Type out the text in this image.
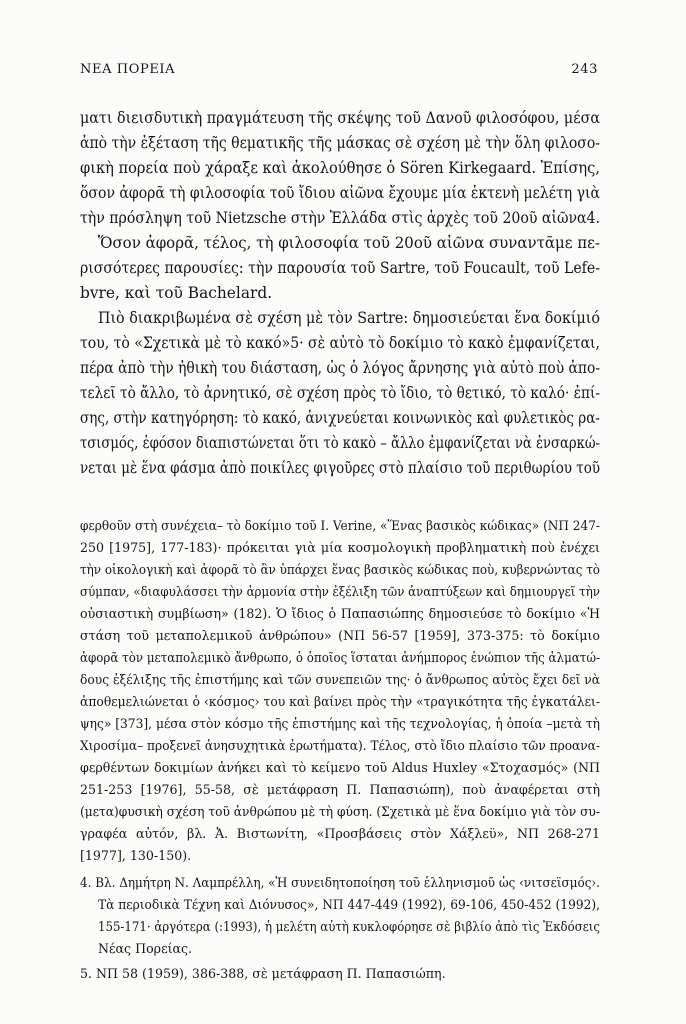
ΝΕΑ ΠΟΡΕΙΑ	243

ματι διεισδυτικὴ πραγμάτευση τῆς σκέψης τοῦ Δανοῦ φιλοσόφου, μέσα

ἀπὸ τὴν ἐξέταση τῆς θεματικῆς τῆς μάσκας σὲ σχέση μὲ τὴν ὅλη φιλοσο-

φικὴ πορεία ποὺ χάραξε καὶ ἀκολούθησε ὁ Sören Kirkegaard. Ἐπίσης,

ὅσον ἀφορᾶ τὴ φιλοσοφία τοῦ ἴδιου αἰῶνα ἔχουμε μία ἐκτενὴ μελέτη γιὰ

τὴν πρόσληψη τοῦ Nietzsche στὴν Ἑλλάδα στὶς ἀρχὲς τοῦ 20οῦ αἰῶνα4.

Ὅσον ἀφορᾶ, τέλος, τὴ φιλοσοφία τοῦ 20οῦ αἰῶνα συναντᾶμε πε-

ρισσότερες παρουσίες: τὴν παρουσία τοῦ Sartre, τοῦ Foucault, τοῦ Lefe-

bvre, καὶ τοῦ Bachelard.

Πιὸ διακριβωμένα σὲ σχέση μὲ τὸν Sartre: δημοσιεύεται ἕνα δοκίμιό

του, τὸ «Σχετικὰ μὲ τὸ κακό»5· σὲ αὐτὸ τὸ δοκίμιο τὸ κακὸ ἐμφανίζεται,

πέρα ἀπὸ τὴν ἠθικὴ του διάσταση, ὡς ὁ λόγος ἄρνησης γιὰ αὐτὸ ποὺ ἀπο-

τελεῖ τὸ ἄλλο, τὸ ἀρνητικό, σὲ σχέση πρὸς τὸ ἴδιο, τὸ θετικό, τὸ καλό· ἐπί-

σης, στὴν κατηγόρηση: τὸ κακό, ἀνιχνεύεται κοινωνικὸς καὶ φυλετικὸς ρα-

τσισμός, ἐφόσον διαπιστώνεται ὅτι τὸ κακὸ – ἄλλο ἐμφανίζεται νὰ ἐνσαρκώ-

νεται μὲ ἕνα φάσμα ἀπὸ ποικίλες φιγοῦρες στὸ πλαίσιο τοῦ περιθωρίου τοῦ

φερθοῦν στὴ συνέχεια– τὸ δοκίμιο τοῦ I. Verine, «Ἕνας βασικὸς κώδικας» (ΝΠ 247-

250 [1975], 177-183)· πρόκειται γιὰ μία κοσμολογικὴ προβληματικὴ ποὺ ἐνέχει

τὴν οἰκολογικὴ καὶ ἀφορᾶ τὸ ἂν ὑπάρχει ἕνας βασικὸς κώδικας ποὺ, κυβερνώντας τὸ

σύμπαν, «διαφυλάσσει τὴν ἁρμονία στὴν ἐξέλιξη τῶν ἀναπτύξεων καὶ δημιουργεῖ τὴν

οὐσιαστικὴ συμβίωση» (182). Ὁ ἴδιος ὁ Παπασιώπης δημοσιεύσε τὸ δοκίμιο «Ἡ

στάση τοῦ μεταπολεμικοῦ ἀνθρώπου» (ΝΠ 56-57 [1959], 373-375: τὸ δοκίμιο

ἀφορᾶ τὸν μεταπολεμικὸ ἄνθρωπο, ὁ ὁποῖος ἵσταται ἀνήμπορος ἐνώπιον τῆς ἀλματώ-

δους ἐξέλιξης τῆς ἐπιστήμης καὶ τῶν συνεπειῶν της· ὁ ἄνθρωπος αὐτὸς ἔχει δεῖ νὰ

ἀποθεμελιώνεται ὁ ‹κόσμος› του καὶ βαίνει πρὸς τὴν «τραγικότητα τῆς ἐγκατάλει-

ψης» [373], μέσα στὸν κόσμο τῆς ἐπιστήμης καὶ τῆς τεχνολογίας, ἡ ὁποία –μετὰ τὴ

Χιροσίμα– προξενεῖ ἀνησυχητικὰ ἐρωτήματα). Τέλος, στὸ ἴδιο πλαίσιο τῶν προανα-

φερθέντων δοκιμίων ἀνήκει καὶ τὸ κείμενο τοῦ Aldus Huxley «Στοχασμός» (ΝΠ

251-253 [1976], 55-58, σὲ μετάφραση Π. Παπασιώπη), ποὺ ἀναφέρεται στὴ

(μετα)φυσικὴ σχέση τοῦ ἀνθρώπου μὲ τὴ φύση. (Σχετικὰ μὲ ἕνα δοκίμιο γιὰ τὸν συ-

γραφέα αὐτόν, βλ. Ἀ. Βιστωνίτη, «Προσβάσεις στὸν Χάξλεϋ», ΝΠ 268-271

[1977], 130-150).

4. Βλ. Δημήτρη Ν. Λαμπρέλλη, «Ἡ συνειδητοποίηση τοῦ ἑλληνισμοῦ ὡς ‹νιτσεϊσμός›.

Τὰ περιοδικὰ Τέχνη καὶ Διόνυσος», ΝΠ 447-449 (1992), 69-106, 450-452 (1992),

155-171· ἀργότερα (:1993), ἡ μελέτη αὐτὴ κυκλοφόρησε σὲ βιβλίο ἀπὸ τὶς Ἐκδόσεις

Νέας Πορείας.

5. ΝΠ 58 (1959), 386-388, σὲ μετάφραση Π. Παπασιώπη.
